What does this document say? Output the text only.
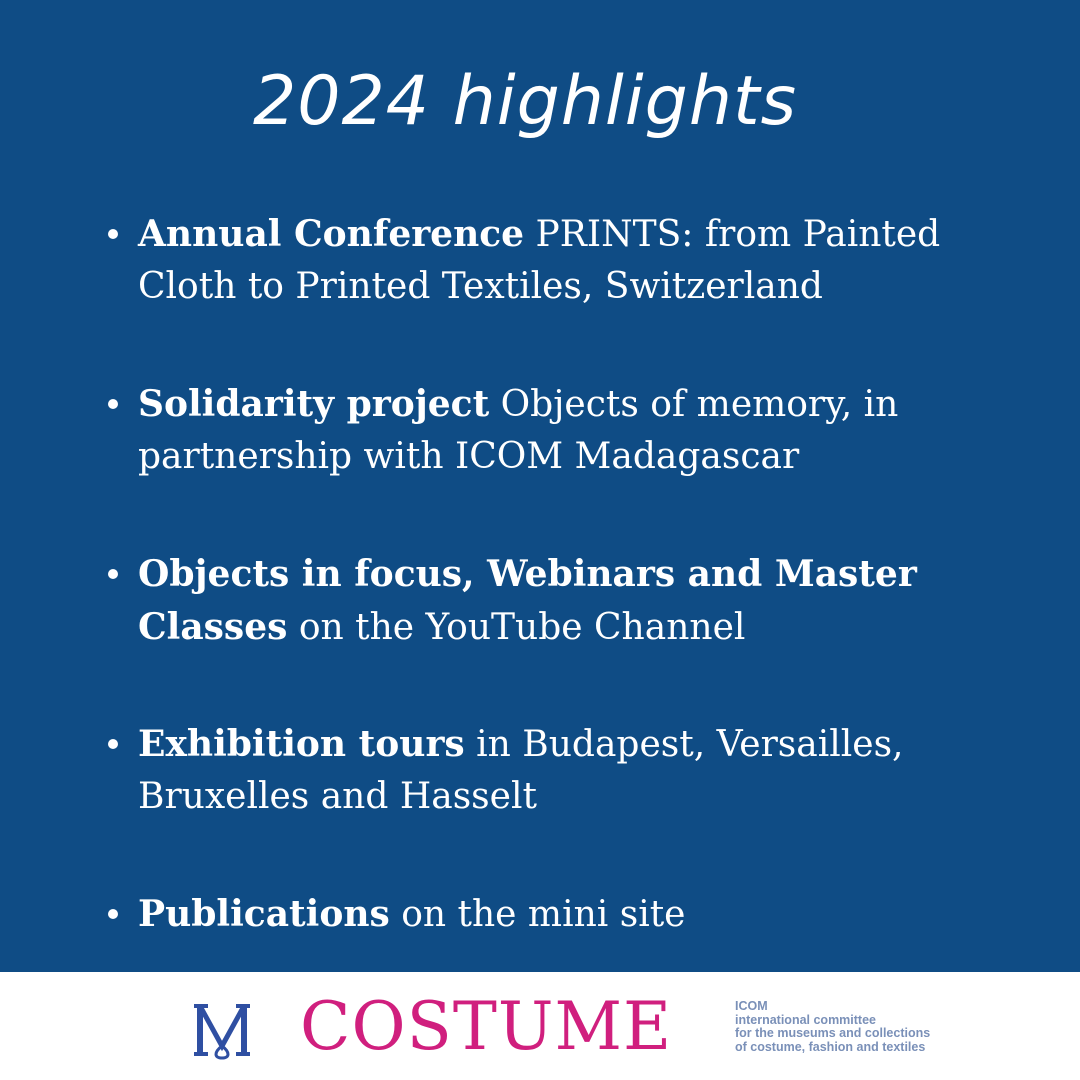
2024 highlights
Annual Conference PRINTS: from Painted Cloth to Printed Textiles, Switzerland
Solidarity project Objects of memory, in partnership with ICOM Madagascar
Objects in focus, Webinars and Master Classes on the YouTube Channel
Exhibition tours in Budapest, Versailles, Bruxelles and Hasselt
Publications on the mini site
COSTUME	ICOM
international committee
for the museums and collections
of costume, fashion and textiles
